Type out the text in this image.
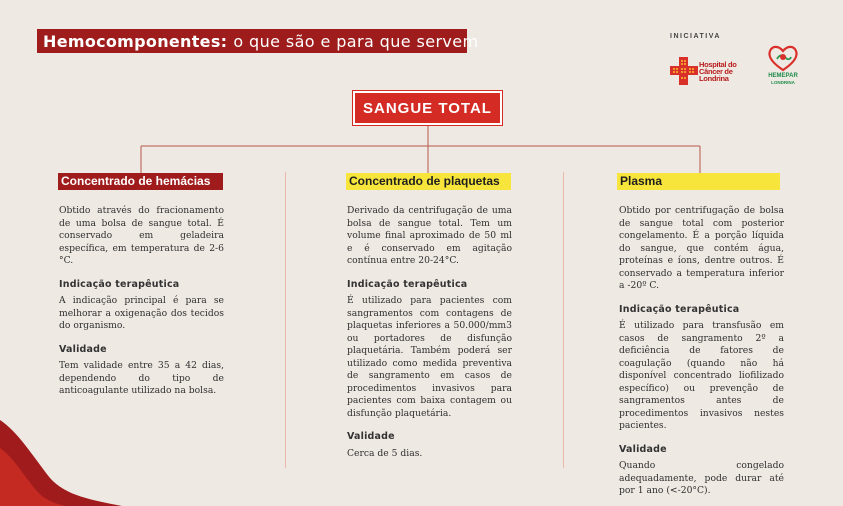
Hemocomponentes: o que são e para que servem	INICIATIVA
Hospital do
Câncer de
Londrina	HEMEPAR
LONDRINA
SANGUE TOTAL
Concentrado de hemácias	Concentrado de plaquetas	Plasma

Obtido através do fracionamento de uma bolsa de sangue total. É conservado em geladeira específica, em temperatura de 2-6 °C.

Indicação terapêutica

A indicação principal é para se melhorar a oxigenação dos tecidos do organismo.

Validade

Tem validade entre 35 a 42 dias, dependendo do tipo de anticoagulante utilizado na bolsa.

Derivado da centrifugação de uma bolsa de sangue total. Tem um volume final aproximado de 50 ml e é conservado em agitação contínua entre 20-24°C.

Indicação terapêutica

É utilizado para pacientes com sangramentos com contagens de plaquetas inferiores a 50.000/mm3 ou portadores de disfunção plaquetária. Também poderá ser utilizado como medida preventiva de sangramento em casos de procedimentos invasivos para pacientes com baixa contagem ou disfunção plaquetária.

Validade

Cerca de 5 dias.

Obtido por centrifugação de bolsa de sangue total com posterior congelamento. É a porção líquida do sangue, que contém água, proteínas e íons, dentre outros. É conservado a temperatura inferior a -20º C.

Indicação terapêutica

É utilizado para transfusão em casos de sangramento 2º a deficiência de fatores de coagulação (quando não há disponível concentrado liofilizado específico) ou prevenção de sangramentos antes de procedimentos invasivos nestes pacientes.

Validade

Quando congelado adequadamente, pode durar até por 1 ano (<-20°C).
